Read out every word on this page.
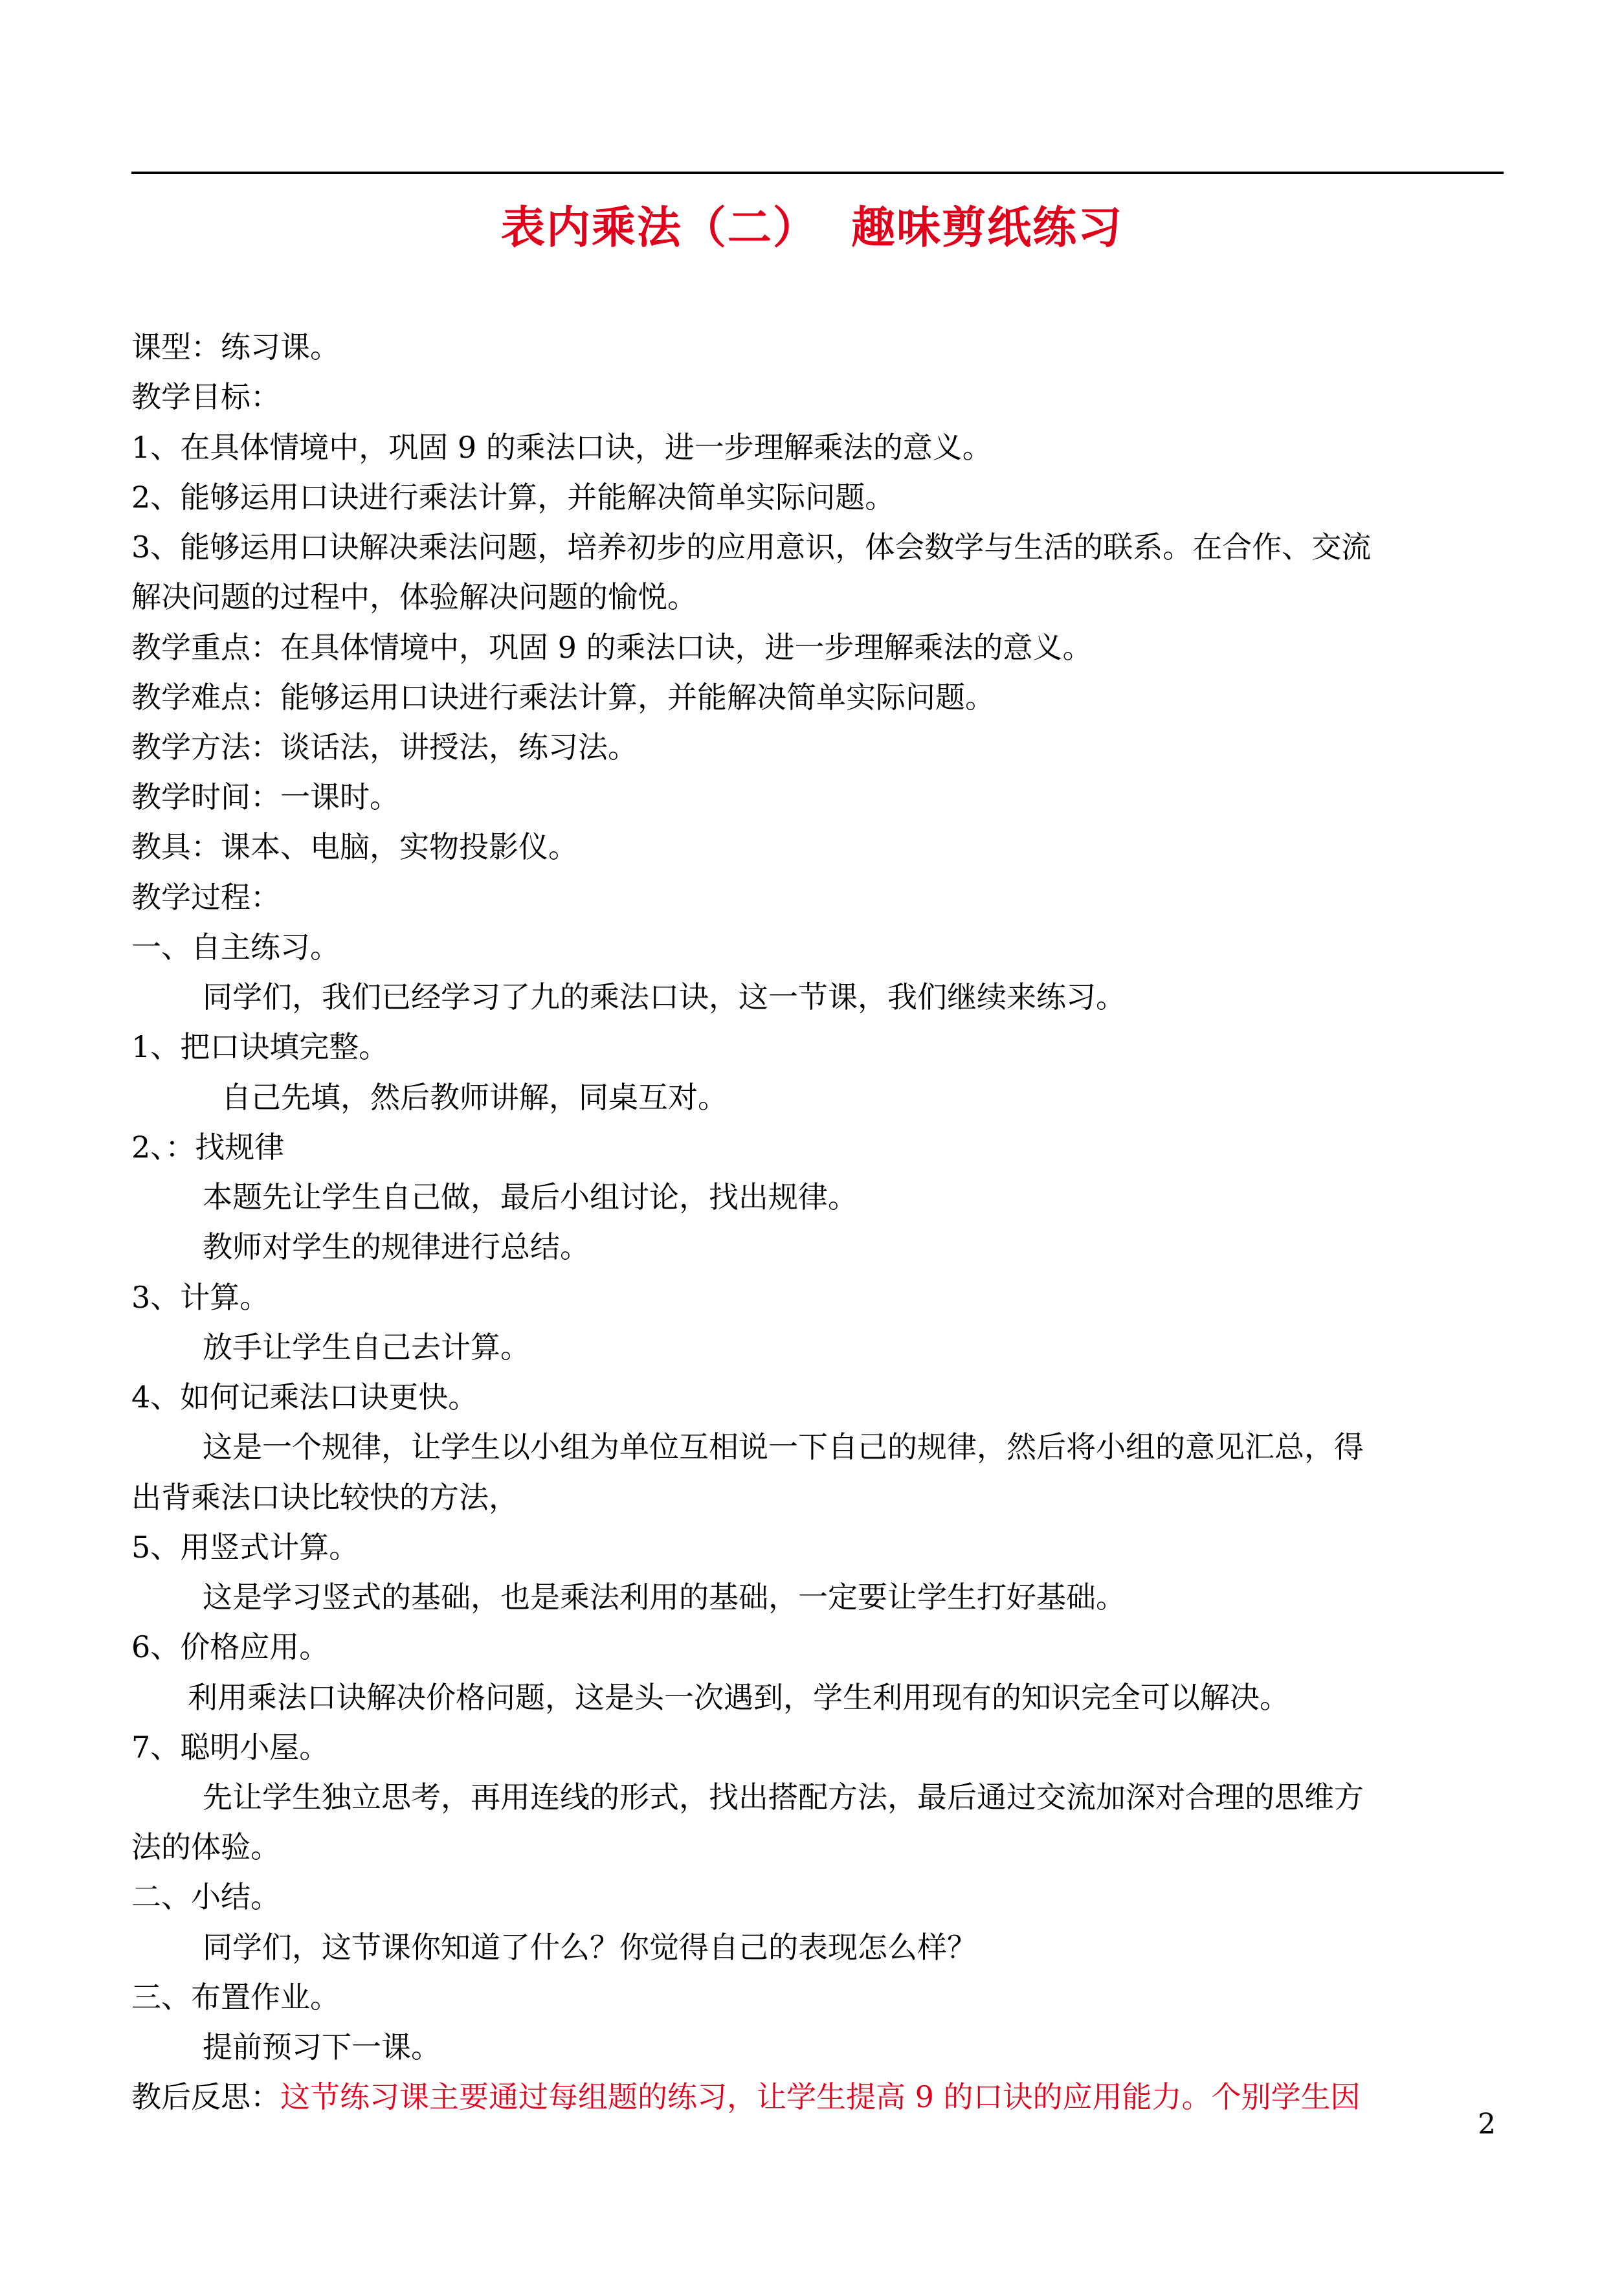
表内乘法（二）  趣味剪纸练习
课型：练习课。
教学目标：
1、在具体情境中，巩固 9 的乘法口诀，进一步理解乘法的意义。
2、能够运用口诀进行乘法计算，并能解决简单实际问题。
3、能够运用口诀解决乘法问题，培养初步的应用意识，体会数学与生活的联系。在合作、交流
解决问题的过程中，体验解决问题的愉悦。
教学重点：在具体情境中，巩固 9 的乘法口诀，进一步理解乘法的意义。
教学难点：能够运用口诀进行乘法计算，并能解决简单实际问题。
教学方法：谈话法，讲授法，练习法。
教学时间：一课时。
教具：课本、电脑，实物投影仪。
教学过程：
一、自主练习。
同学们，我们已经学习了九的乘法口诀，这一节课，我们继续来练习。
1、把口诀填完整。
自己先填，然后教师讲解，同桌互对。
2、：找规律
本题先让学生自己做，最后小组讨论，找出规律。
教师对学生的规律进行总结。
3、计算。
放手让学生自己去计算。
4、如何记乘法口诀更快。
这是一个规律，让学生以小组为单位互相说一下自己的规律，然后将小组的意见汇总，得
出背乘法口诀比较快的方法，
5、用竖式计算。
这是学习竖式的基础，也是乘法利用的基础，一定要让学生打好基础。
6、价格应用。
利用乘法口诀解决价格问题，这是头一次遇到，学生利用现有的知识完全可以解决。
7、聪明小屋。
先让学生独立思考，再用连线的形式，找出搭配方法，最后通过交流加深对合理的思维方
法的体验。
二、小结。
同学们，这节课你知道了什么？你觉得自己的表现怎么样？
三、布置作业。
提前预习下一课。
教后反思：这节练习课主要通过每组题的练习，让学生提高 9 的口诀的应用能力。个别学生因
2
